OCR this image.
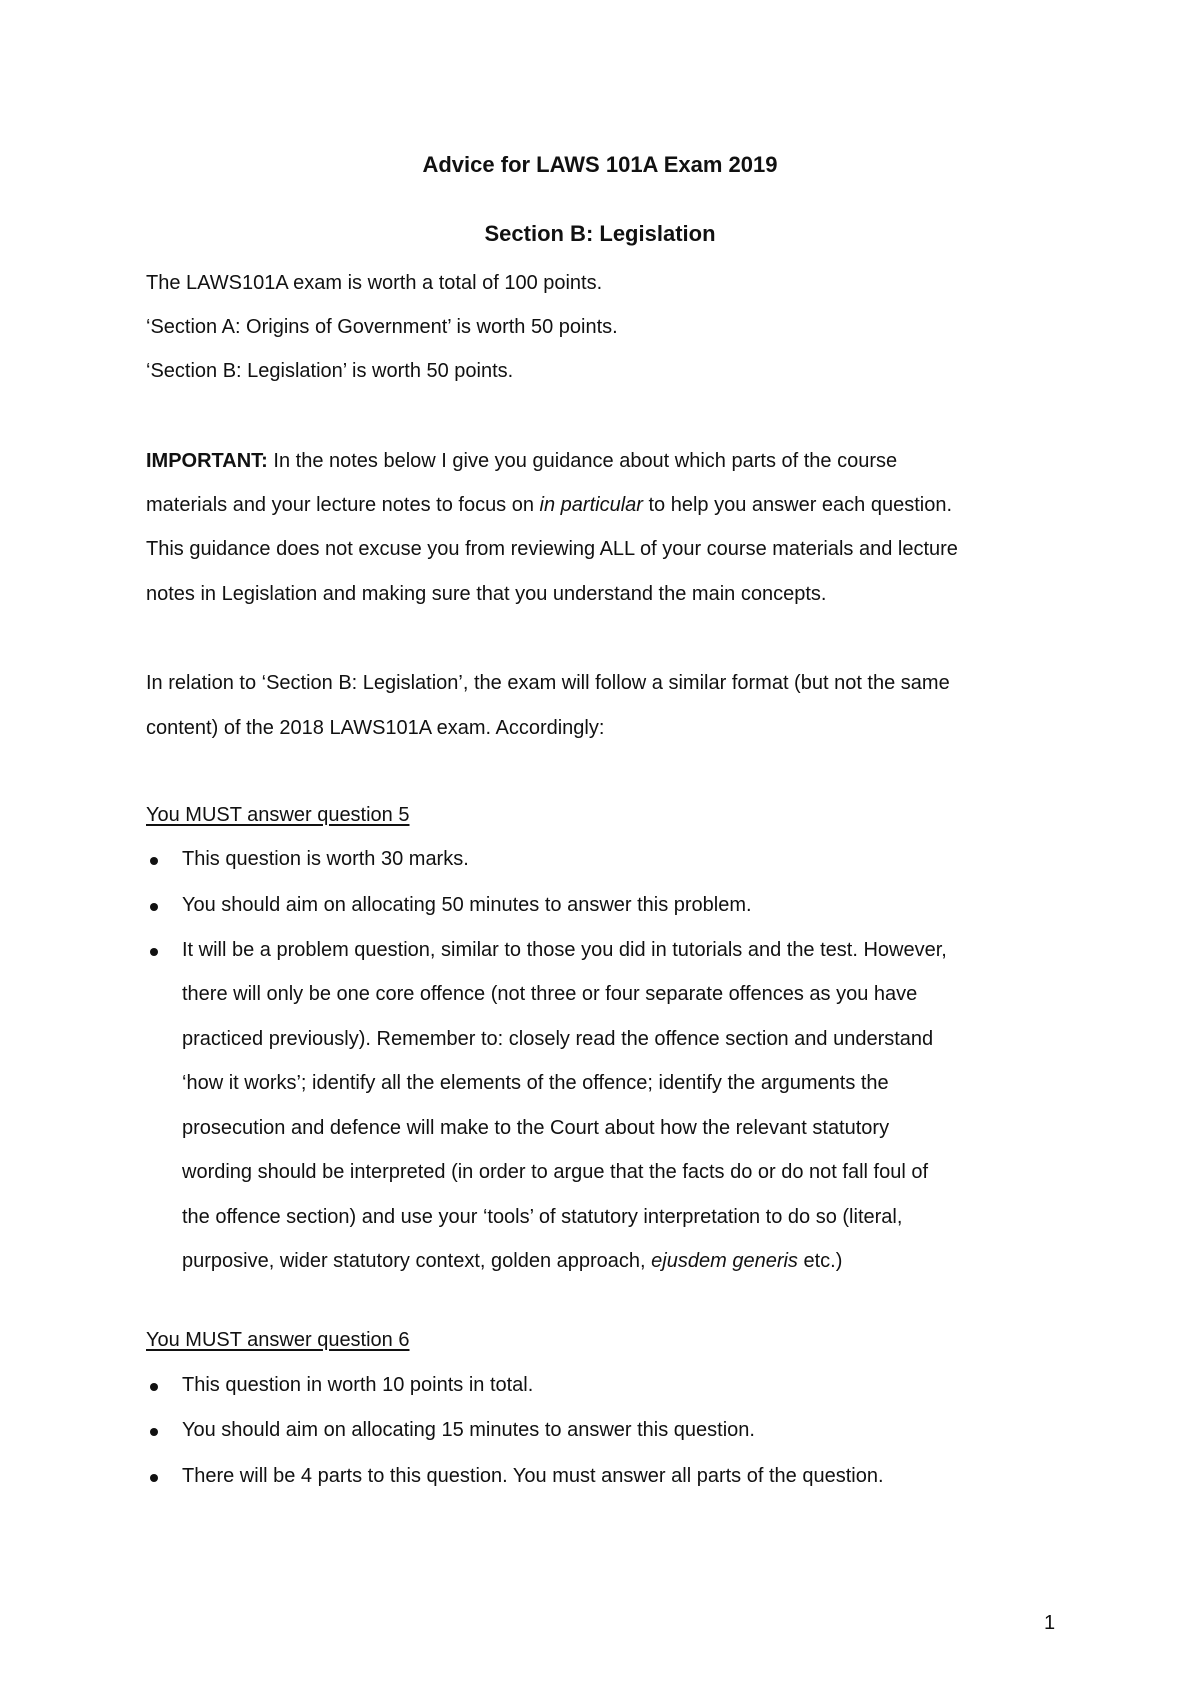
Advice for LAWS 101A Exam 2019
Section B: Legislation
The LAWS101A exam is worth a total of 100 points.
‘Section A: Origins of Government’ is worth 50 points.
‘Section B: Legislation’ is worth 50 points.
IMPORTANT: In the notes below I give you guidance about which parts of the course
materials and your lecture notes to focus on in particular to help you answer each question.
This guidance does not excuse you from reviewing ALL of your course materials and lecture
notes in Legislation and making sure that you understand the main concepts.
In relation to ‘Section B: Legislation’, the exam will follow a similar format (but not the same
content) of the 2018 LAWS101A exam. Accordingly:
You MUST answer question 5
This question is worth 30 marks.
You should aim on allocating 50 minutes to answer this problem.
It will be a problem question, similar to those you did in tutorials and the test. However,
there will only be one core offence (not three or four separate offences as you have
practiced previously). Remember to: closely read the offence section and understand
‘how it works’; identify all the elements of the offence; identify the arguments the
prosecution and defence will make to the Court about how the relevant statutory
wording should be interpreted (in order to argue that the facts do or do not fall foul of
the offence section) and use your ‘tools’ of statutory interpretation to do so (literal,
purposive, wider statutory context, golden approach, ejusdem generis etc.)
You MUST answer question 6
This question in worth 10 points in total.
You should aim on allocating 15 minutes to answer this question.
There will be 4 parts to this question. You must answer all parts of the question.
1
